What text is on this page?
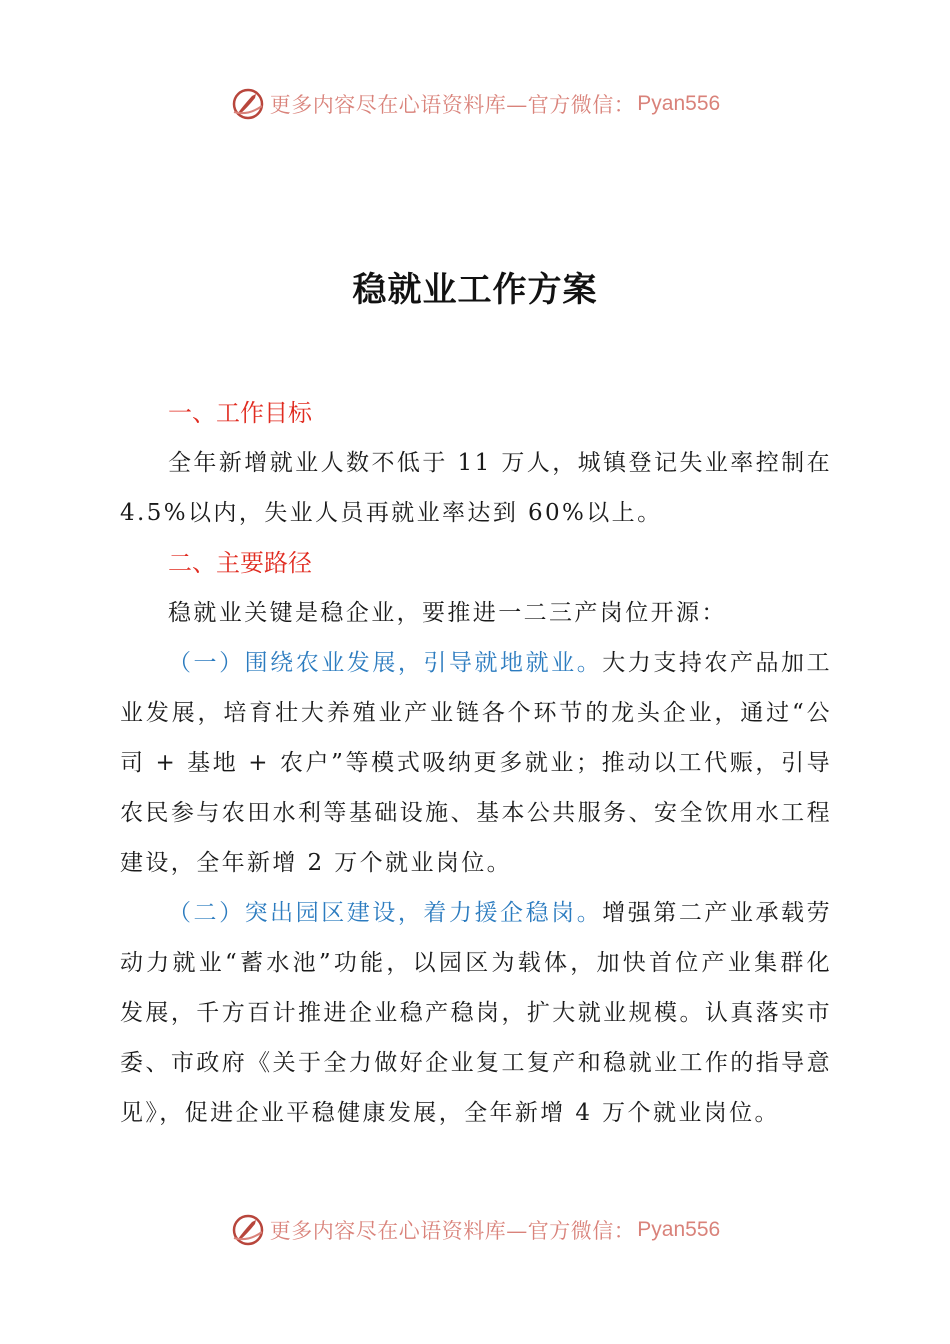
更多内容尽在心语资料库—官方微信： Pyan556
稳就业工作方案
一、工作目标

全年新增就业人数不低于 11 万人，城镇登记失业率控制在 4.5%以内，失业人员再就业率达到 60%以上。

二、主要路径

稳就业关键是稳企业，要推进一二三产岗位开源：

（一）围绕农业发展，引导就地就业。大力支持农产品加工业发展，培育壮大养殖业产业链各个环节的龙头企业，通过“公司 + 基地 + 农户”等模式吸纳更多就业；推动以工代赈，引导农民参与农田水利等基础设施、基本公共服务、安全饮用水工程建设，全年新增 2 万个就业岗位。

（二）突出园区建设，着力援企稳岗。增强第二产业承载劳动力就业“蓄水池”功能，以园区为载体，加快首位产业集群化发展，千方百计推进企业稳产稳岗，扩大就业规模。认真落实市委、市政府《关于全力做好企业复工复产和稳就业工作的指导意见》，促进企业平稳健康发展，全年新增 4 万个就业岗位。

更多内容尽在心语资料库—官方微信： Pyan556
